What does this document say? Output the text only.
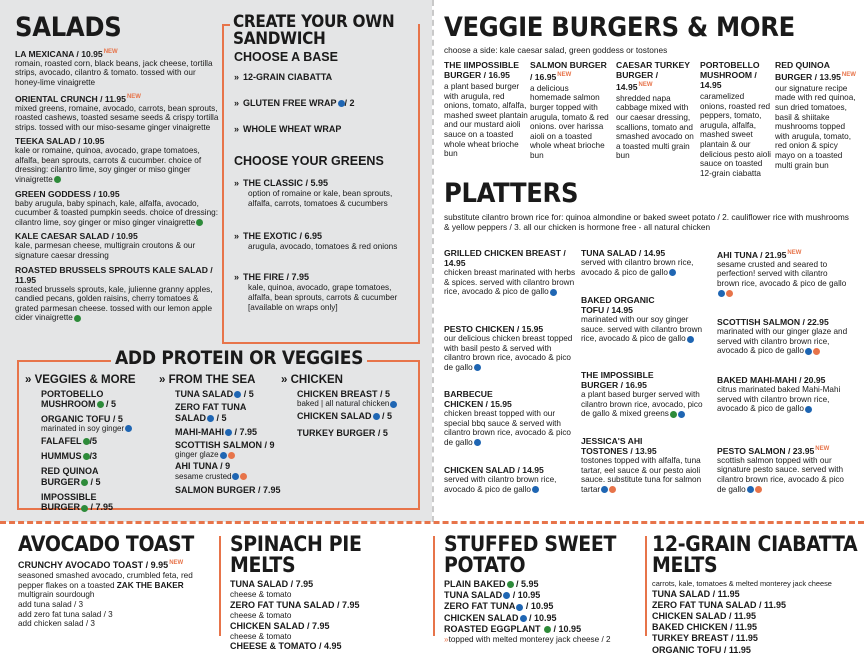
SALADS
LA MEXICANA / $10.95^{NEW}$
romain, roasted corn, black beans, jack cheese, tortilla strips, avocado, cilantro & tomato. tossed with our honey-lime vinaigrette
ORIENTAL CRUNCH / $11.95^{NEW}$
mixed greens, romaine, avocado, carrots, bean sprouts, roasted cashews, toasted sesame seeds & crispy tortilla strips. tossed with our miso-sesame ginger vinaigrette
TEEKA SALAD / 10.95
kale or romaine, quinoa, avocado, grape tomatoes, alfalfa, bean sprouts, carrots & cucumber. choice of dressing: cilantro lime, soy ginger or miso ginger vinaigrette
GREEN GODDESS / 10.95
baby arugula, baby spinach, kale, alfalfa, avocado, cucumber & toasted pumpkin seeds. choice of dressing: cilantro lime, soy ginger or miso ginger vinaigrette
KALE CAESAR SALAD / 10.95
kale, parmesan cheese, multigrain croutons & our signature caesar dressing
ROASTED BRUSSELS SPROUTS KALE SALAD / 11.95
roasted brussels sprouts, kale, julienne granny apples, candied pecans, golden raisins, cherry tomatoes & grated parmesan cheese. tossed with our lemon apple cider vinaigrette
CREATE YOUR OWN SANDWICH
CHOOSE A BASE
» 12-GRAIN CIABATTA
» GLUTEN FREE WRAP / 2
» WHOLE WHEAT WRAP
CHOOSE YOUR GREENS
» THE CLASSIC / 5.95
option of romaine or kale, bean sprouts, alfalfa, carrots, tomatoes & cucumbers
» THE EXOTIC / 6.95
arugula, avocado, tomatoes & red onions
» THE FIRE / 7.95
kale, quinoa, avocado, grape tomatoes, alfalfa, bean sprouts, carrots & cucumber [available on wraps only]
ADD PROTEIN OR VEGGIES
» VEGGIES & MORE
PORTOBELLO MUSHROOM / 5
ORGANIC TOFU / 5
marinated in soy ginger
FALAFEL /5
HUMMUS /3
RED QUINOA BURGER / 5
IMPOSSIBLE BURGER / 7.95
» FROM THE SEA
TUNA SALAD / 5
ZERO FAT TUNA SALAD / 5
MAHI-MAHI / 7.95
SCOTTISH SALMON / 9
ginger glaze
AHI TUNA / 9
sesame crusted
SALMON BURGER / 7.95
» CHICKEN
CHICKEN BREAST / 5
baked | all natural chicken
CHICKEN SALAD / 5
TURKEY BURGER / 5
VEGGIE BURGERS & MORE
choose a side: kale caesar salad, green goddess or tostones
THE IIMPOSSIBLE BURGER / 16.95
a plant based burger with arugula, red onions, tomato, alfalfa, mashed sweet plantain and our mustard aioli sauce on a toasted whole wheat brioche bun
SALMON BURGER / $16.95^{NEW}$
a delicious homemade salmon burger topped with arugula, tomato & red onions. over harissa aioli on a toasted whole wheat brioche bun
CAESAR TURKEY BURGER / $14.95^{NEW}$
shredded napa cabbage mixed with our caesar dressing, scallions, tomato and smashed avocado on a toasted multi grain bun
PORTOBELLO MUSHROOM / 14.95
caramelized onions, roasted red peppers, tomato, arugula, alfalfa, mashed sweet plantain & our delicious pesto aioli sauce on toasted 12-grain ciabatta
RED QUINOA BURGER / $13.95^{NEW}$
our signature recipe made with red quinoa, sun dried tomatoes, basil & shiitake mushrooms topped with arugula, tomato, red onion & spicy mayo on a toasted multi grain bun
PLATTERS
substitute cilantro brown rice for: quinoa almondine or baked sweet potato / 2. cauliflower rice with mushrooms & yellow peppers / 3. all our chicken is hormone free - all natural chicken
GRILLED CHICKEN BREAST / 14.95
chicken breast marinated with herbs & spices. served with cilantro brown rice, avocado & pico de gallo
PESTO CHICKEN / 15.95
our delicious chicken breast topped with basil pesto & served with cilantro brown rice, avocado & pico de gallo
BARBECUE CHICKEN / 15.95
chicken breast topped with our special bbq sauce & served with cilantro brown rice, avocado & pico de gallo
CHICKEN SALAD / 14.95
served with cilantro brown rice, avocado & pico de gallo
TUNA SALAD / 14.95
served with cilantro brown rice, avocado & pico de gallo
BAKED ORGANIC TOFU / 14.95
marinated with our soy ginger sauce. served with cilantro brown rice, avocado & pico de gallo
THE IMPOSSIBLE BURGER / 16.95
a plant based burger served with cilantro brown rice, avocado, pico de gallo & mixed greens
JESSICA'S AHI TOSTONES / 13.95
tostones topped with alfalfa, tuna tartar, eel sauce & our pesto aioli sauce. substitute tuna for salmon tartar
AHI TUNA / $21.95^{NEW}$
sesame crusted and seared to perfection! served with cilantro brown rice, avocado & pico de gallo
SCOTTISH SALMON / 22.95
marinated with our ginger glaze and served with cilantro brown rice, avocado & pico de gallo
BAKED MAHI-MAHI / 20.95
citrus marinated baked Mahi-Mahi served with cilantro brown rice, avocado & pico de gallo
PESTO SALMON / $23.95^{NEW}$
scottish salmon topped with our signature pesto sauce. served with cilantro brown rice, avocado & pico de gallo
AVOCADO TOAST
CRUNCHY AVOCADO TOAST / $9.95^{NEW}$
seasoned smashed avocado, crumbled feta, red pepper flakes on a toasted ZAK THE BAKER multigrain sourdough
add tuna salad / 3
add zero fat tuna salad / 3
add chicken salad / 3
SPINACH PIE MELTS
TUNA SALAD / 7.95
cheese & tomato
ZERO FAT TUNA SALAD / 7.95
cheese & tomato
CHICKEN SALAD / 7.95
cheese & tomato
CHEESE & TOMATO / 4.95
STUFFED SWEET POTATO
PLAIN BAKED / 5.95
TUNA SALAD / 10.95
ZERO FAT TUNA / 10.95
CHICKEN SALAD / 10.95
ROASTED EGGPLANT / 10.95
»topped with melted monterey jack cheese / 2
12-GRAIN CIABATTA MELTS
carrots, kale, tomatoes & melted monterey jack cheese
TUNA SALAD / 11.95
ZERO FAT TUNA SALAD / 11.95
CHICKEN SALAD / 11.95
BAKED CHICKEN / 11.95
TURKEY BREAST / 11.95
ORGANIC TOFU / 11.95
